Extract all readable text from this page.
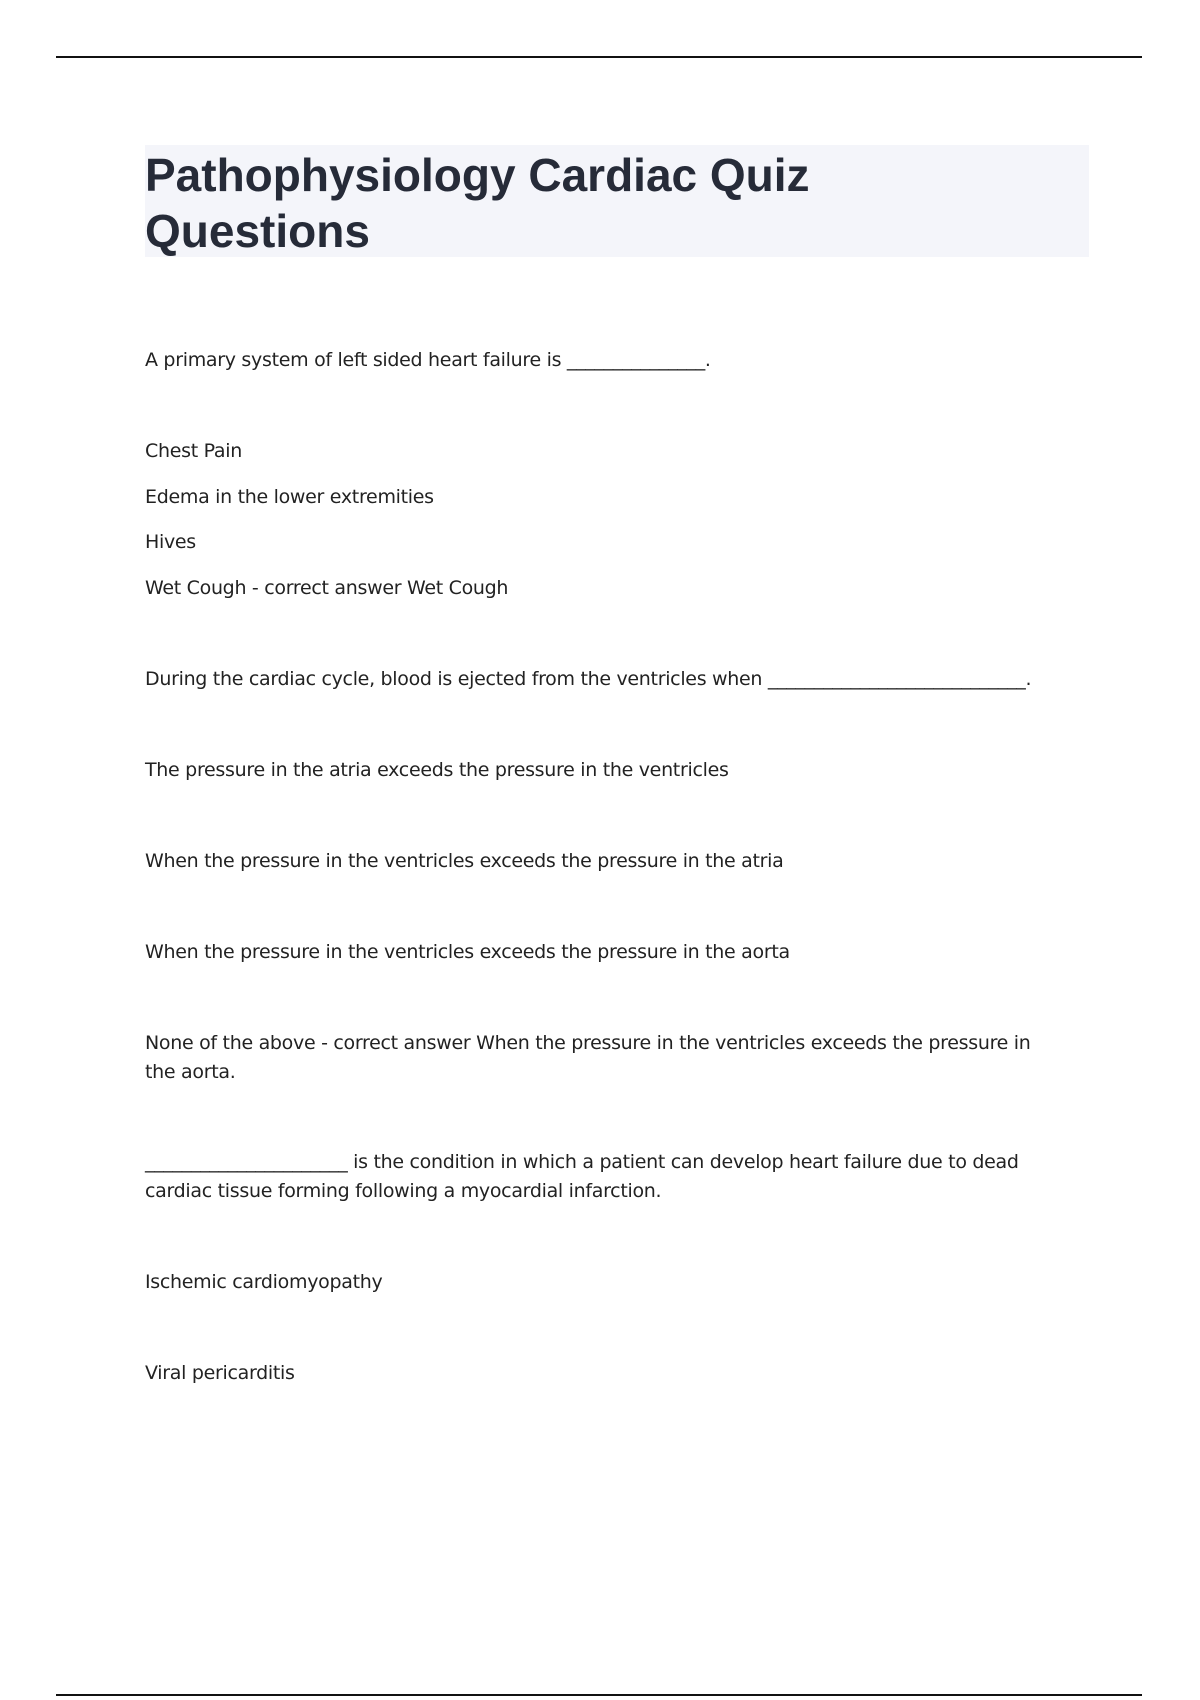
Pathophysiology Cardiac Quiz Questions

A primary system of left sided heart failure is _______________.

Chest Pain

Edema in the lower extremities

Hives

Wet Cough - correct answer Wet Cough

During the cardiac cycle, blood is ejected from the ventricles when ____________________________.

The pressure in the atria exceeds the pressure in the ventricles

When the pressure in the ventricles exceeds the pressure in the atria

When the pressure in the ventricles exceeds the pressure in the aorta

None of the above - correct answer When the pressure in the ventricles exceeds the pressure in the aorta.

______________________ is the condition in which a patient can develop heart failure due to dead cardiac tissue forming following a myocardial infarction.

Ischemic cardiomyopathy

Viral pericarditis
